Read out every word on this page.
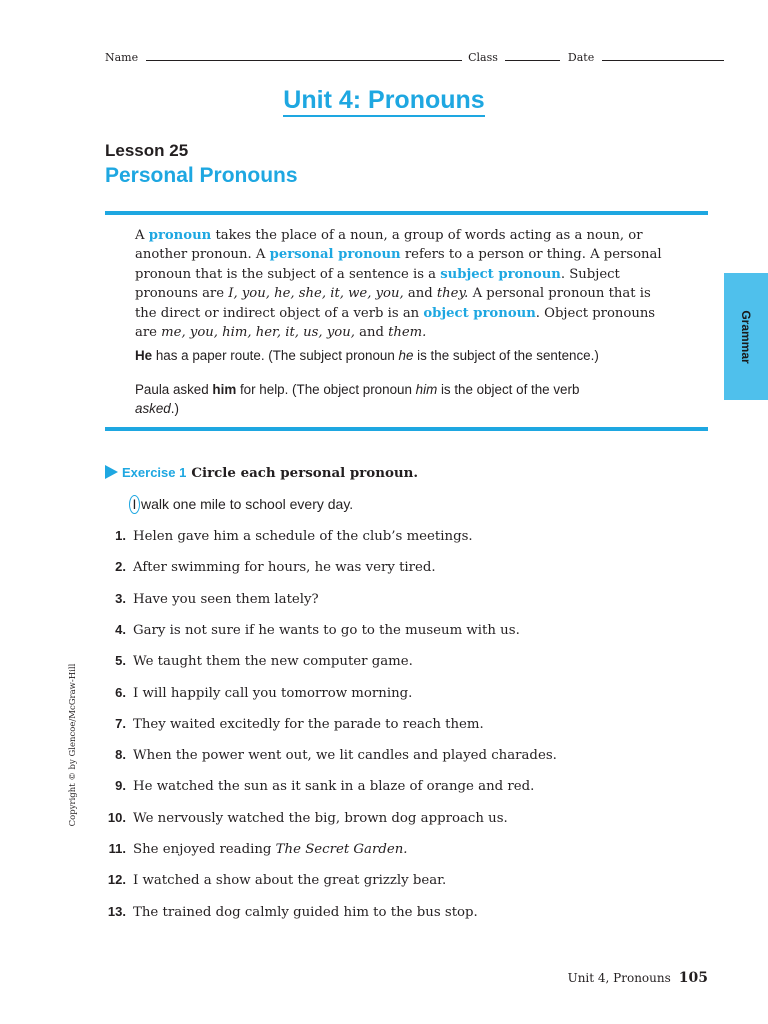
Name	Class	Date
Unit 4: Pronouns
Lesson 25
Personal Pronouns
Grammar
A pronoun takes the place of a noun, a group of words acting as a noun, or another pronoun. A personal pronoun refers to a person or thing. A personal pronoun that is the subject of a sentence is a subject pronoun. Subject pronouns are I, you, he, she, it, we, you, and they. A personal pronoun that is the direct or indirect object of a verb is an object pronoun. Object pronouns are me, you, him, her, it, us, you, and them.
He has a paper route. (The subject pronoun he is the subject of the sentence.)
Paula asked him for help. (The object pronoun him is the object of the verb
asked.)
Exercise 1 Circle each personal pronoun.
I walk one mile to school every day.
1. Helen gave him a schedule of the club’s meetings.
2. After swimming for hours, he was very tired.
3. Have you seen them lately?
4. Gary is not sure if he wants to go to the museum with us.
5. We taught them the new computer game.
6. I will happily call you tomorrow morning.
7. They waited excitedly for the parade to reach them.
8. When the power went out, we lit candles and played charades.
9. He watched the sun as it sank in a blaze of orange and red.
10. We nervously watched the big, brown dog approach us.
11. She enjoyed reading The Secret Garden.
12. I watched a show about the great grizzly bear.
13. The trained dog calmly guided him to the bus stop.
Copyright © by Glencoe/McGraw-Hill
Unit 4, Pronouns 105
